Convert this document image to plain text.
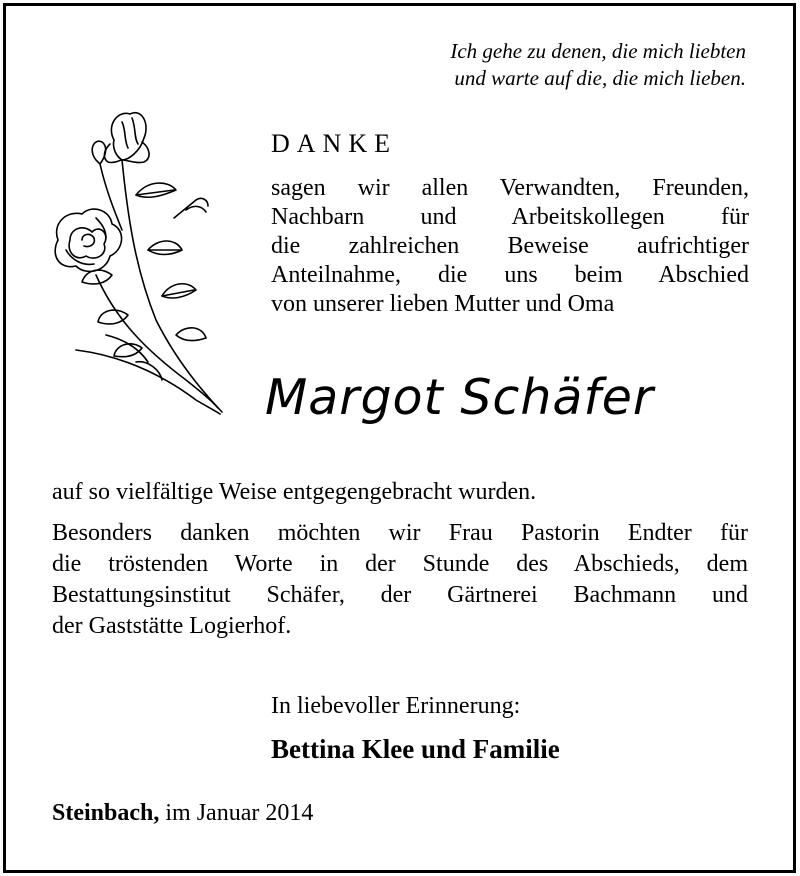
Ich gehe zu denen, die mich liebten
und warte auf die, die mich lieben.
DANKE
sagen wir allen Verwandten, Freunden,
Nachbarn und Arbeitskollegen für
die zahlreichen Beweise aufrichtiger
Anteilnahme, die uns beim Abschied
von unserer lieben Mutter und Oma
Margot Schäfer
auf so vielfältige Weise entgegengebracht wurden.
Besonders danken möchten wir Frau Pastorin Endter für
die tröstenden Worte in der Stunde des Abschieds, dem
Bestattungsinstitut Schäfer, der Gärtnerei Bachmann und
der Gaststätte Logierhof.
In liebevoller Erinnerung:
Bettina Klee und Familie
Steinbach, im Januar 2014
